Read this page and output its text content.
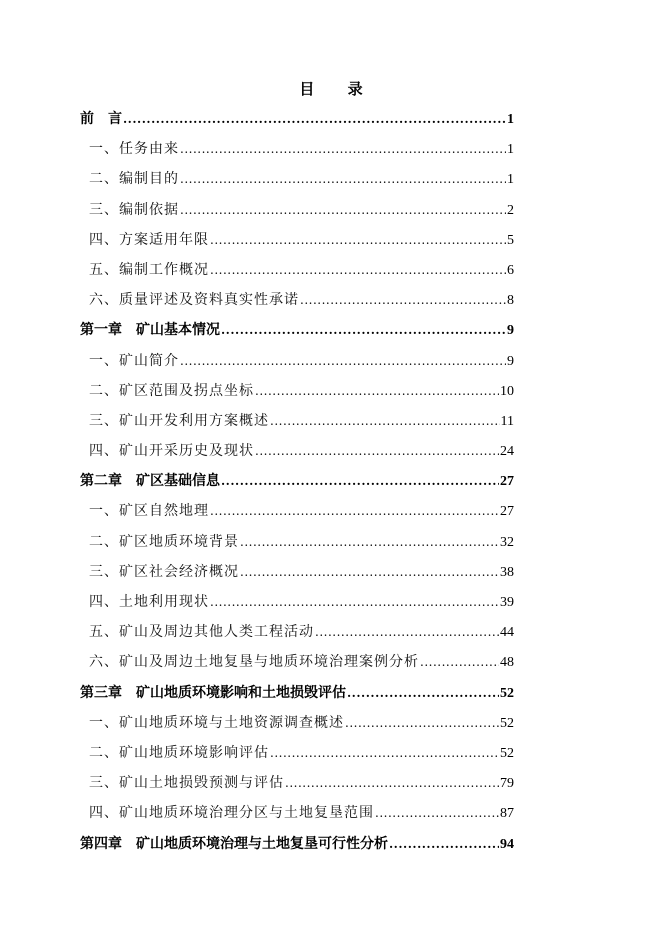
目 录
前　言 .....	1
一、任务由来 .....	1
二、编制目的 .....	1
三、编制依据 .....	2
四、方案适用年限 .....	5
五、编制工作概况 .....	6
六、质量评述及资料真实性承诺 .....	8
第一章　矿山基本情况 .....	9
一、矿山简介 .....	9
二、矿区范围及拐点坐标 .....	10
三、矿山开发利用方案概述 .....	11
四、矿山开采历史及现状 .....	24
第二章　矿区基础信息 .....	27
一、矿区自然地理 .....	27
二、矿区地质环境背景 .....	32
三、矿区社会经济概况 .....	38
四、土地利用现状 .....	39
五、矿山及周边其他人类工程活动 .....	44
六、矿山及周边土地复垦与地质环境治理案例分析 .....	48
第三章　矿山地质环境影响和土地损毁评估 .....	52
一、矿山地质环境与土地资源调查概述 .....	52
二、矿山地质环境影响评估 .....	52
三、矿山土地损毁预测与评估 .....	79
四、矿山地质环境治理分区与土地复垦范围 .....	87
第四章　矿山地质环境治理与土地复垦可行性分析 .....	94
